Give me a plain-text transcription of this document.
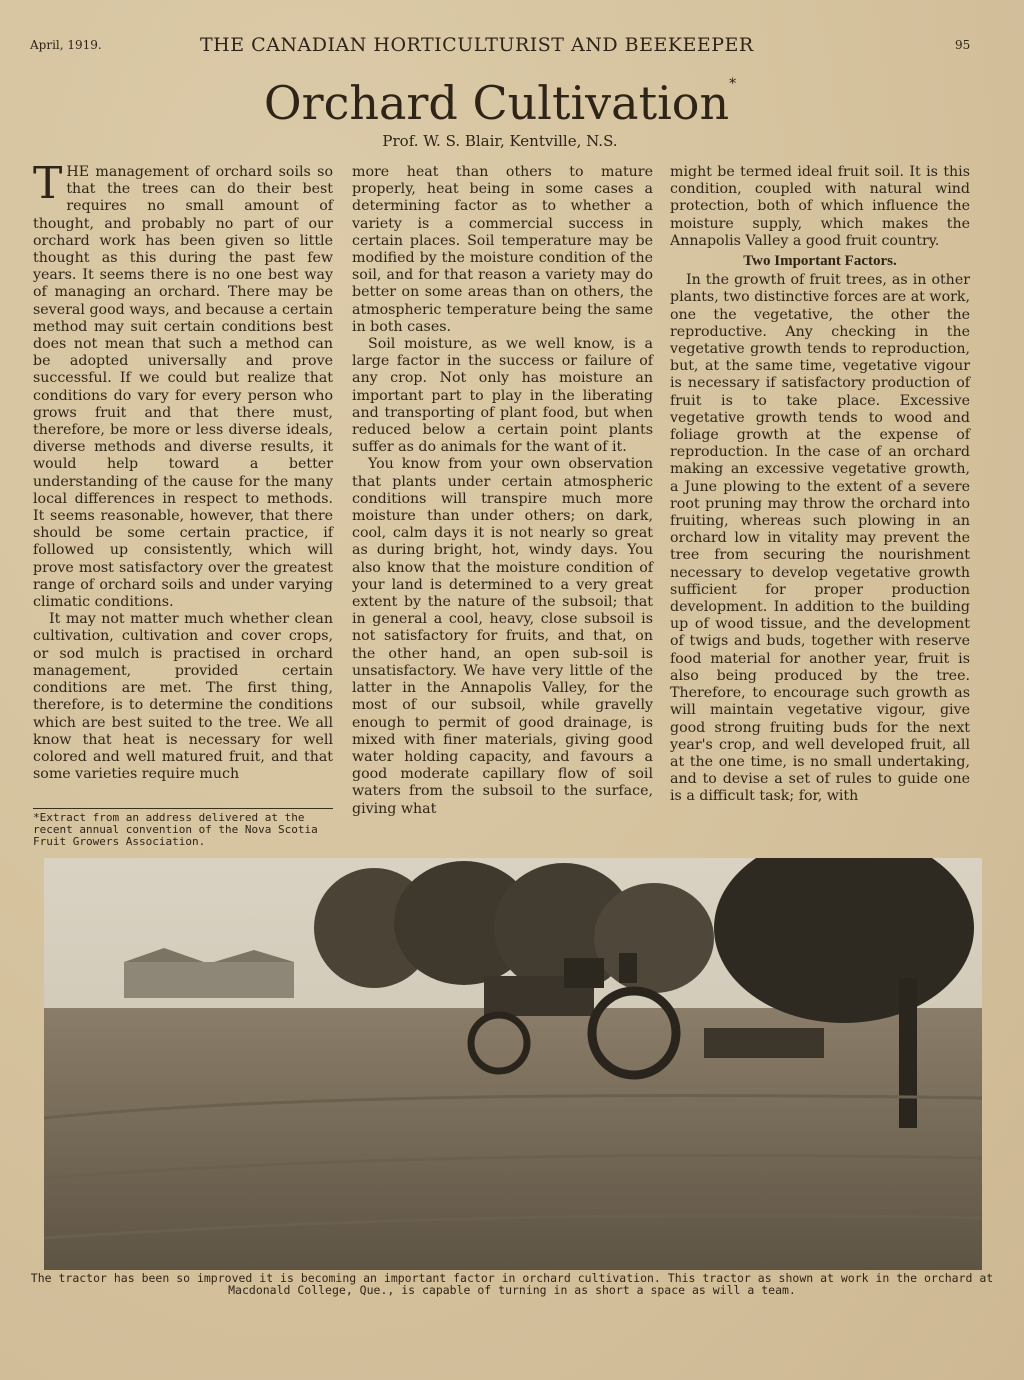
April, 1919.	THE CANADIAN HORTICULTURIST AND BEEKEEPER	95
Orchard Cultivation*
Prof. W. S. Blair, Kentville, N.S.

THE management of orchard soils so that the trees can do their best requires no small amount of thought, and probably no part of our orchard work has been given so little thought as this during the past few years. It seems there is no one best way of managing an orchard. There may be several good ways, and because a certain method may suit certain conditions best does not mean that such a method can be adopted universally and prove successful. If we could but realize that conditions do vary for every person who grows fruit and that there must, therefore, be more or less diverse ideals, diverse methods and diverse results, it would help toward a better understanding of the cause for the many local differences in respect to methods. It seems reasonable, however, that there should be some certain practice, if followed up consistently, which will prove most satisfactory over the greatest range of orchard soils and under varying climatic conditions.

It may not matter much whether clean cultivation, cultivation and cover crops, or sod mulch is practised in orchard management, provided certain conditions are met. The first thing, therefore, is to determine the conditions which are best suited to the tree. We all know that heat is necessary for well colored and well matured fruit, and that some varieties require much

*Extract from an address delivered at the recent annual convention of the Nova Scotia Fruit Growers Association.

more heat than others to mature properly, heat being in some cases a determining factor as to whether a variety is a commercial success in certain places. Soil temperature may be modified by the moisture condition of the soil, and for that reason a variety may do better on some areas than on others, the atmospheric temperature being the same in both cases.

Soil moisture, as we well know, is a large factor in the success or failure of any crop. Not only has moisture an important part to play in the liberating and transporting of plant food, but when reduced below a certain point plants suffer as do animals for the want of it.

You know from your own observation that plants under certain atmospheric conditions will transpire much more moisture than under others; on dark, cool, calm days it is not nearly so great as during bright, hot, windy days. You also know that the moisture condition of your land is determined to a very great extent by the nature of the subsoil; that in general a cool, heavy, close subsoil is not satisfactory for fruits, and that, on the other hand, an open sub-soil is unsatisfactory. We have very little of the latter in the Annapolis Valley, for the most of our subsoil, while gravelly enough to permit of good drainage, is mixed with finer materials, giving good water holding capacity, and favours a good moderate capillary flow of soil waters from the subsoil to the surface, giving what

might be termed ideal fruit soil. It is this condition, coupled with natural wind protection, both of which influence the moisture supply, which makes the Annapolis Valley a good fruit country.

Two Important Factors.

In the growth of fruit trees, as in other plants, two distinctive forces are at work, one the vegetative, the other the reproductive. Any checking in the vegetative growth tends to reproduction, but, at the same time, vegetative vigour is necessary if satisfactory production of fruit is to take place. Excessive vegetative growth tends to wood and foliage growth at the expense of reproduction. In the case of an orchard making an excessive vegetative growth, a June plowing to the extent of a severe root pruning may throw the orchard into fruiting, whereas such plowing in an orchard low in vitality may prevent the tree from securing the nourishment necessary to develop vegetative growth sufficient for proper production development. In addition to the building up of wood tissue, and the development of twigs and buds, together with reserve food material for another year, fruit is also being produced by the tree. Therefore, to encourage such growth as will maintain vegetative vigour, give good strong fruiting buds for the next year's crop, and well developed fruit, all at the one time, is no small undertaking, and to devise a set of rules to guide one is a difficult task; for, with

The tractor has been so improved it is becoming an important factor in orchard cultivation. This tractor as shown at work in the orchard at Macdonald College, Que., is capable of turning in as short a space as will a team.
